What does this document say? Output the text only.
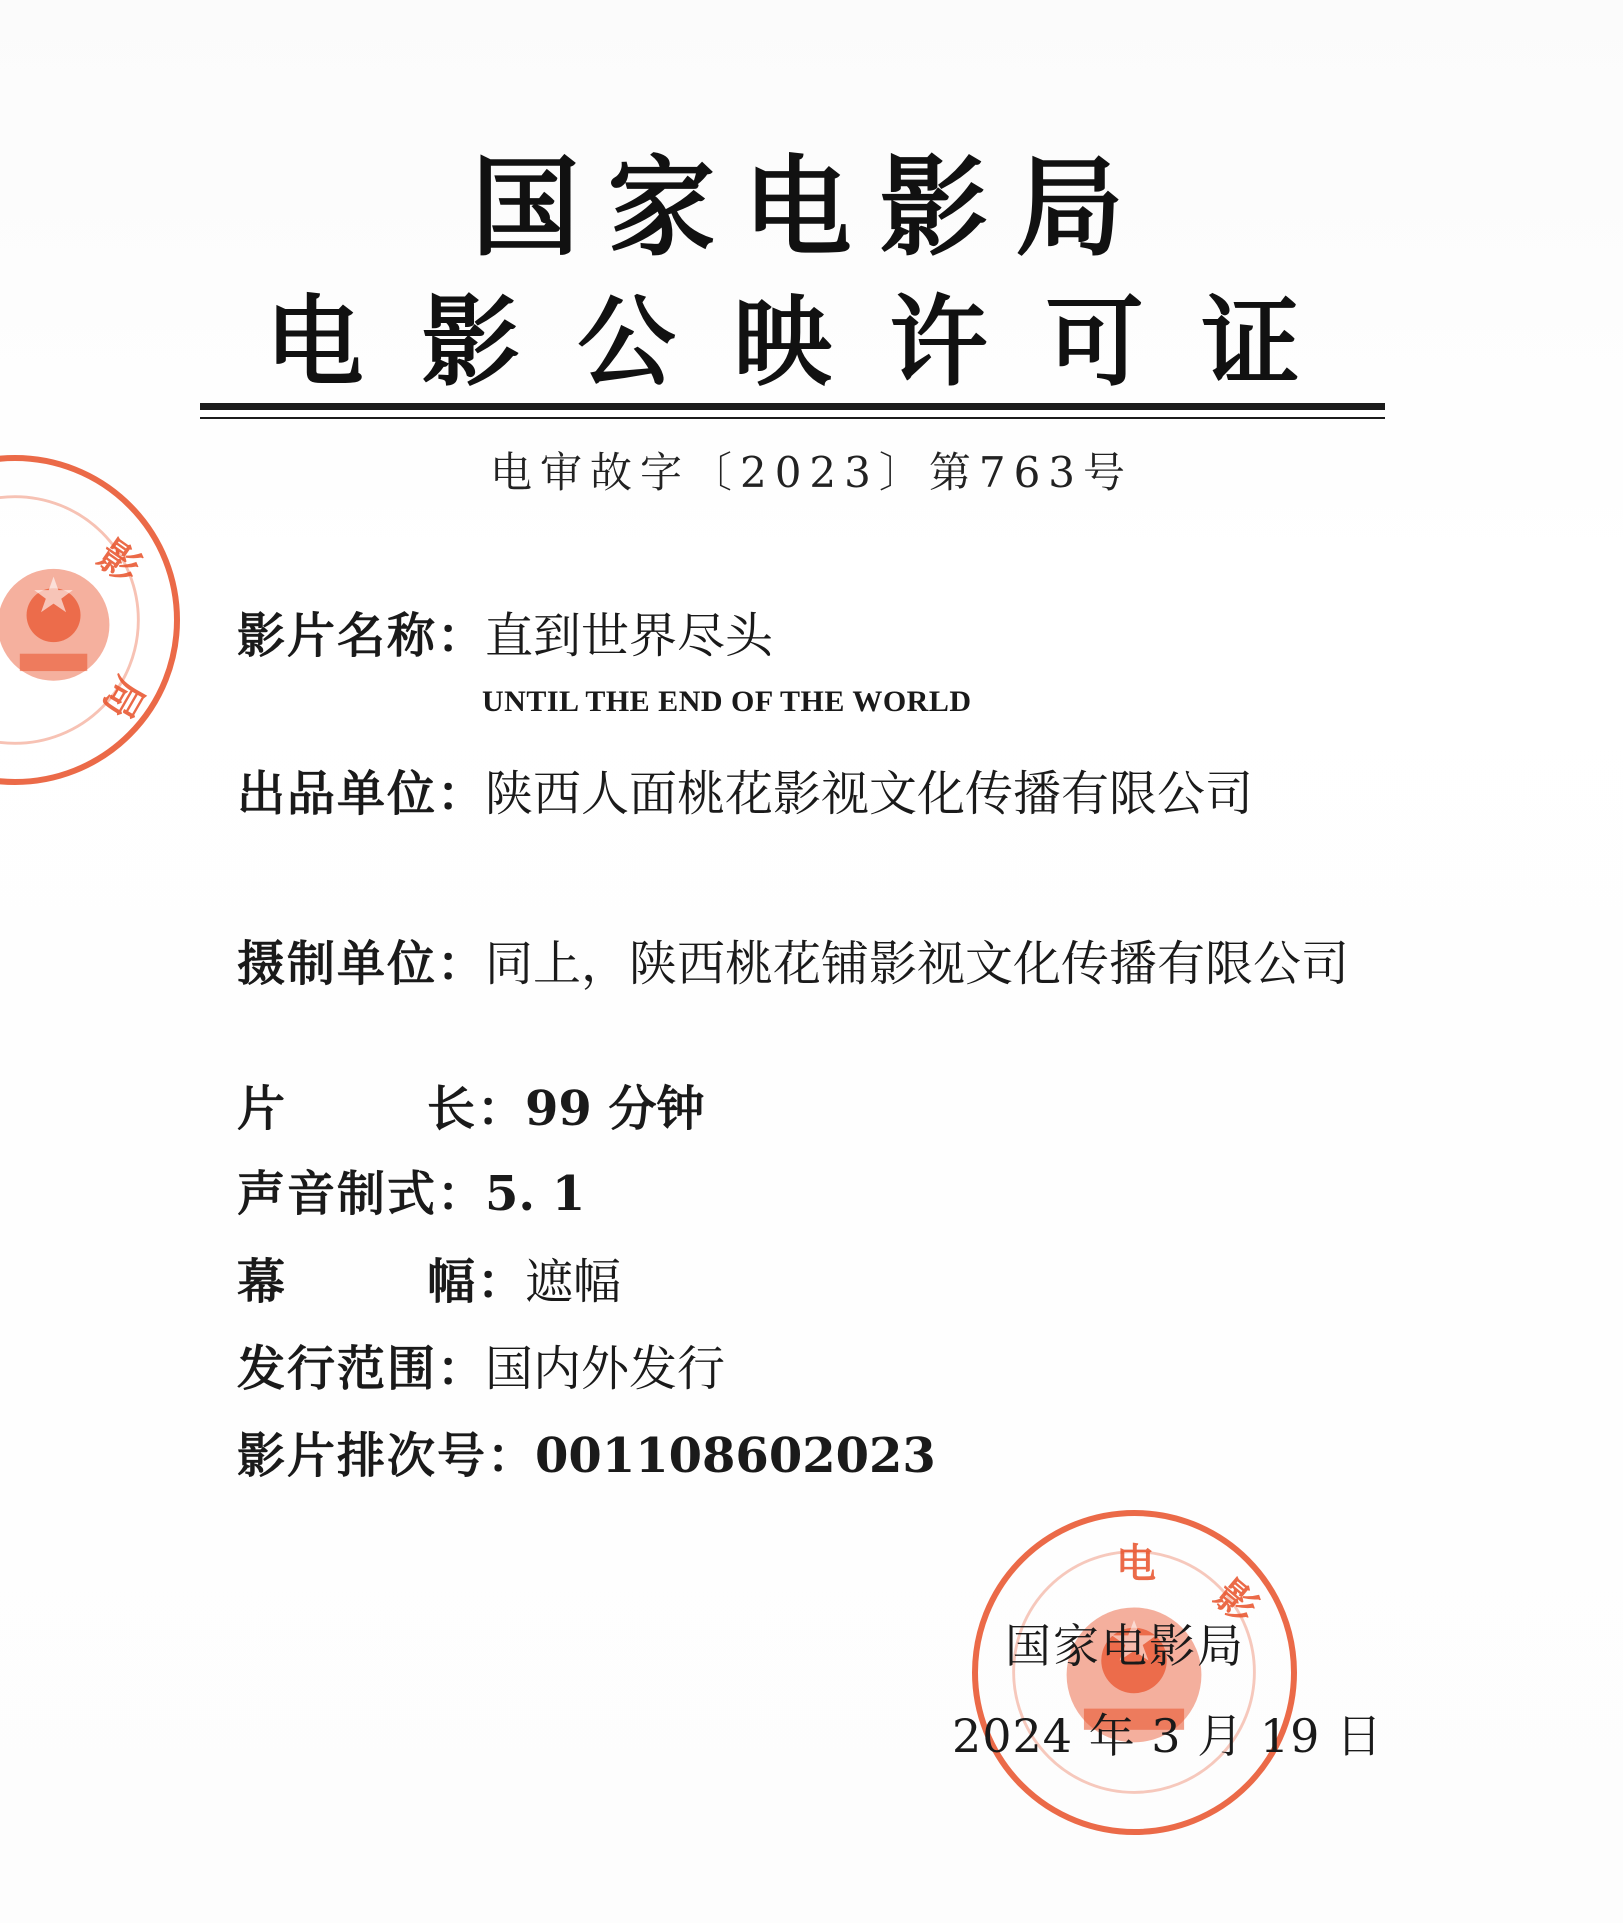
国家电影局
电影公映许可证
电审故字〔2023〕第763号
影
局
影片名称：直到世界尽头
UNTIL THE END OF THE WORLD
出品单位：陕西人面桃花影视文化传播有限公司
摄制单位：同上，陕西桃花铺影视文化传播有限公司
片长：99 分钟
声音制式：5. 1
幕幅：遮幅
发行范围：国内外发行
影片排次号：001108602023
电
影
国家电影局
2024 年 3 月 19 日
